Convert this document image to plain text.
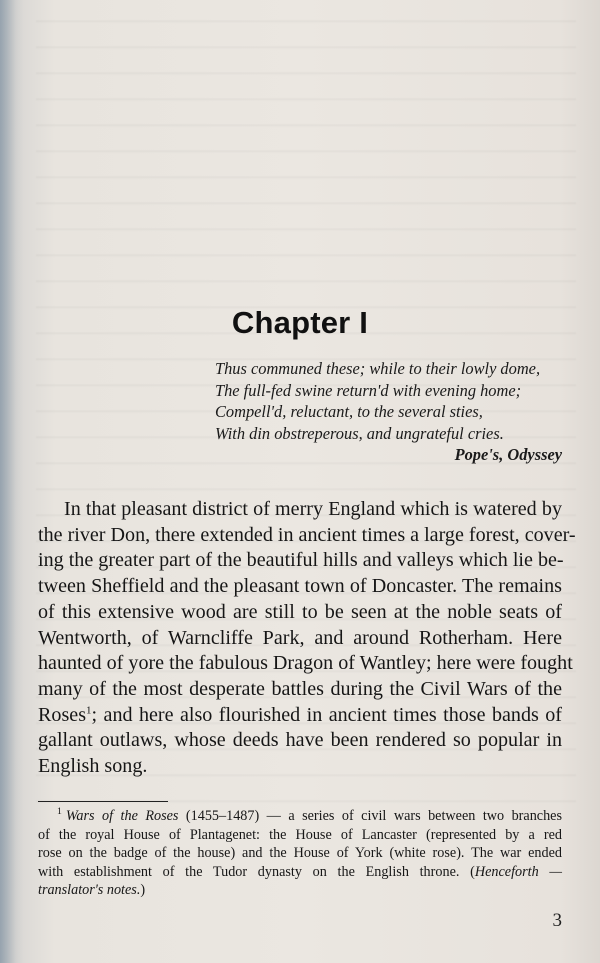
Chapter I
Thus communed these; while to their lowly dome,
The full-fed swine return'd with evening home;
Compell'd, reluctant, to the several sties,
With din obstreperous, and ungrateful cries.
Pope's, Odyssey
In that pleasant district of merry England which is watered by
the river Don, there extended in ancient times a large forest, cover-
ing the greater part of the beautiful hills and valleys which lie be-
tween Sheffield and the pleasant town of Doncaster. The remains
of this extensive wood are still to be seen at the noble seats of
Wentworth, of Warncliffe Park, and around Rotherham. Here
haunted of yore the fabulous Dragon of Wantley; here were fought
many of the most desperate battles during the Civil Wars of the
Roses$^1$; and here also flourished in ancient times those bands of
gallant outlaws, whose deeds have been rendered so popular in
English song.
$^1$ Wars of the Roses (1455–1487) — a series of civil wars between two branches
of the royal House of Plantagenet: the House of Lancaster (represented by a red
rose on the badge of the house) and the House of York (white rose). The war ended
with establishment of the Tudor dynasty on the English throne. (Henceforth —
translator's notes.)
3
